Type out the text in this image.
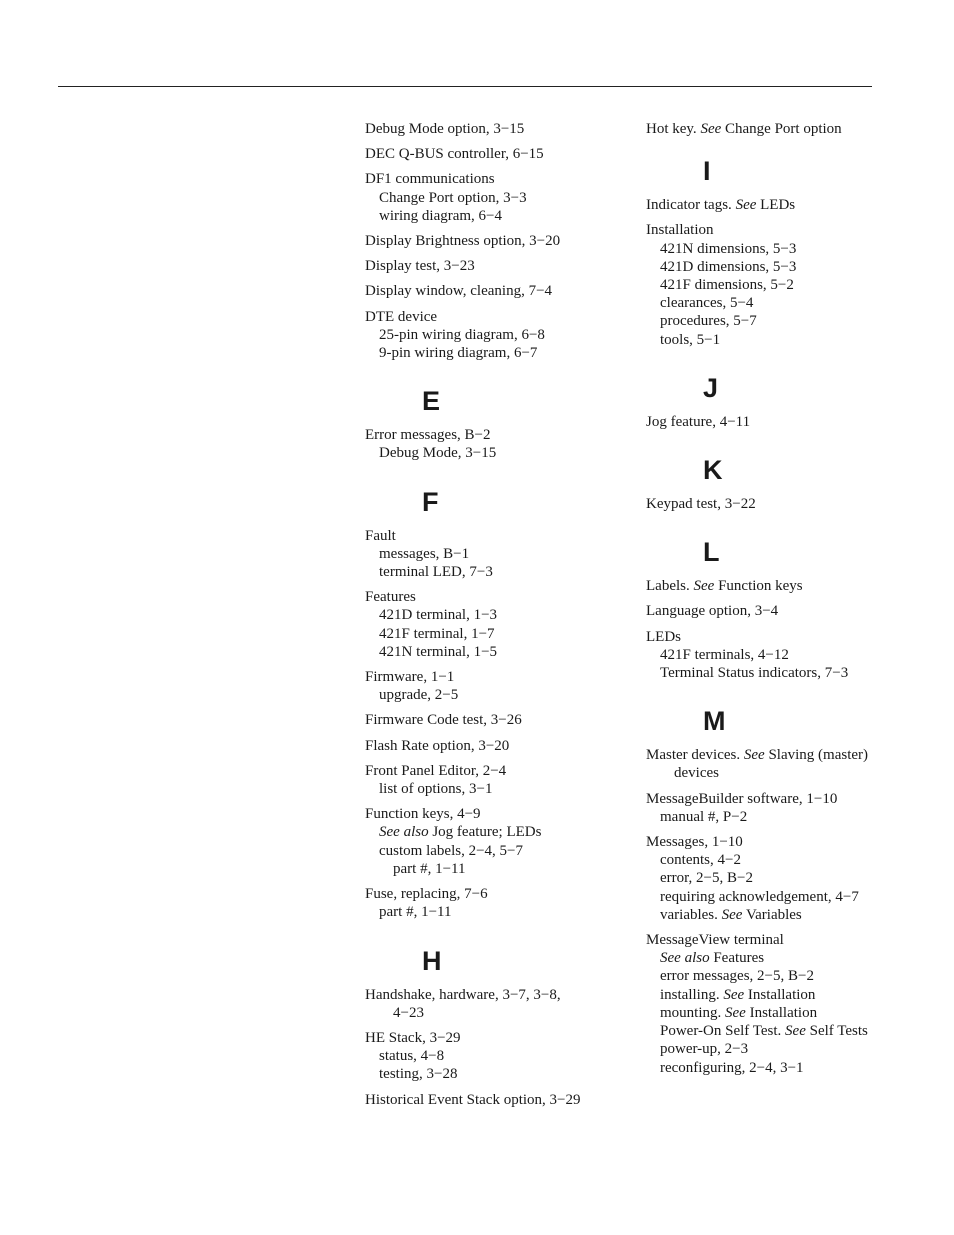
Debug Mode option, 3−15
DEC Q-BUS controller, 6−15
DF1 communications
Change Port option, 3−3
wiring diagram, 6−4
Display Brightness option, 3−20
Display test, 3−23
Display window, cleaning, 7−4
DTE device
25-pin wiring diagram, 6−8
9-pin wiring diagram, 6−7
E
Error messages, B−2
Debug Mode, 3−15
F
Fault
messages, B−1
terminal LED, 7−3
Features
421D terminal, 1−3
421F terminal, 1−7
421N terminal, 1−5
Firmware, 1−1
upgrade, 2−5
Firmware Code test, 3−26
Flash Rate option, 3−20
Front Panel Editor, 2−4
list of options, 3−1
Function keys, 4−9
See also Jog feature; LEDs
custom labels, 2−4, 5−7
part #, 1−11
Fuse, replacing, 7−6
part #, 1−11
H
Handshake, hardware, 3−7, 3−8,
4−23
HE Stack, 3−29
status, 4−8
testing, 3−28
Historical Event Stack option, 3−29
Hot key. See Change Port option
I
Indicator tags. See LEDs
Installation
421N dimensions, 5−3
421D dimensions, 5−3
421F dimensions, 5−2
clearances, 5−4
procedures, 5−7
tools, 5−1
J
Jog feature, 4−11
K
Keypad test, 3−22
L
Labels. See Function keys
Language option, 3−4
LEDs
421F terminals, 4−12
Terminal Status indicators, 7−3
M
Master devices. See Slaving (master)
devices
MessageBuilder software, 1−10
manual #, P−2
Messages, 1−10
contents, 4−2
error, 2−5, B−2
requiring acknowledgement, 4−7
variables. See Variables
MessageView terminal
See also Features
error messages, 2−5, B−2
installing. See Installation
mounting. See Installation
Power-On Self Test. See Self Tests
power-up, 2−3
reconfiguring, 2−4, 3−1
